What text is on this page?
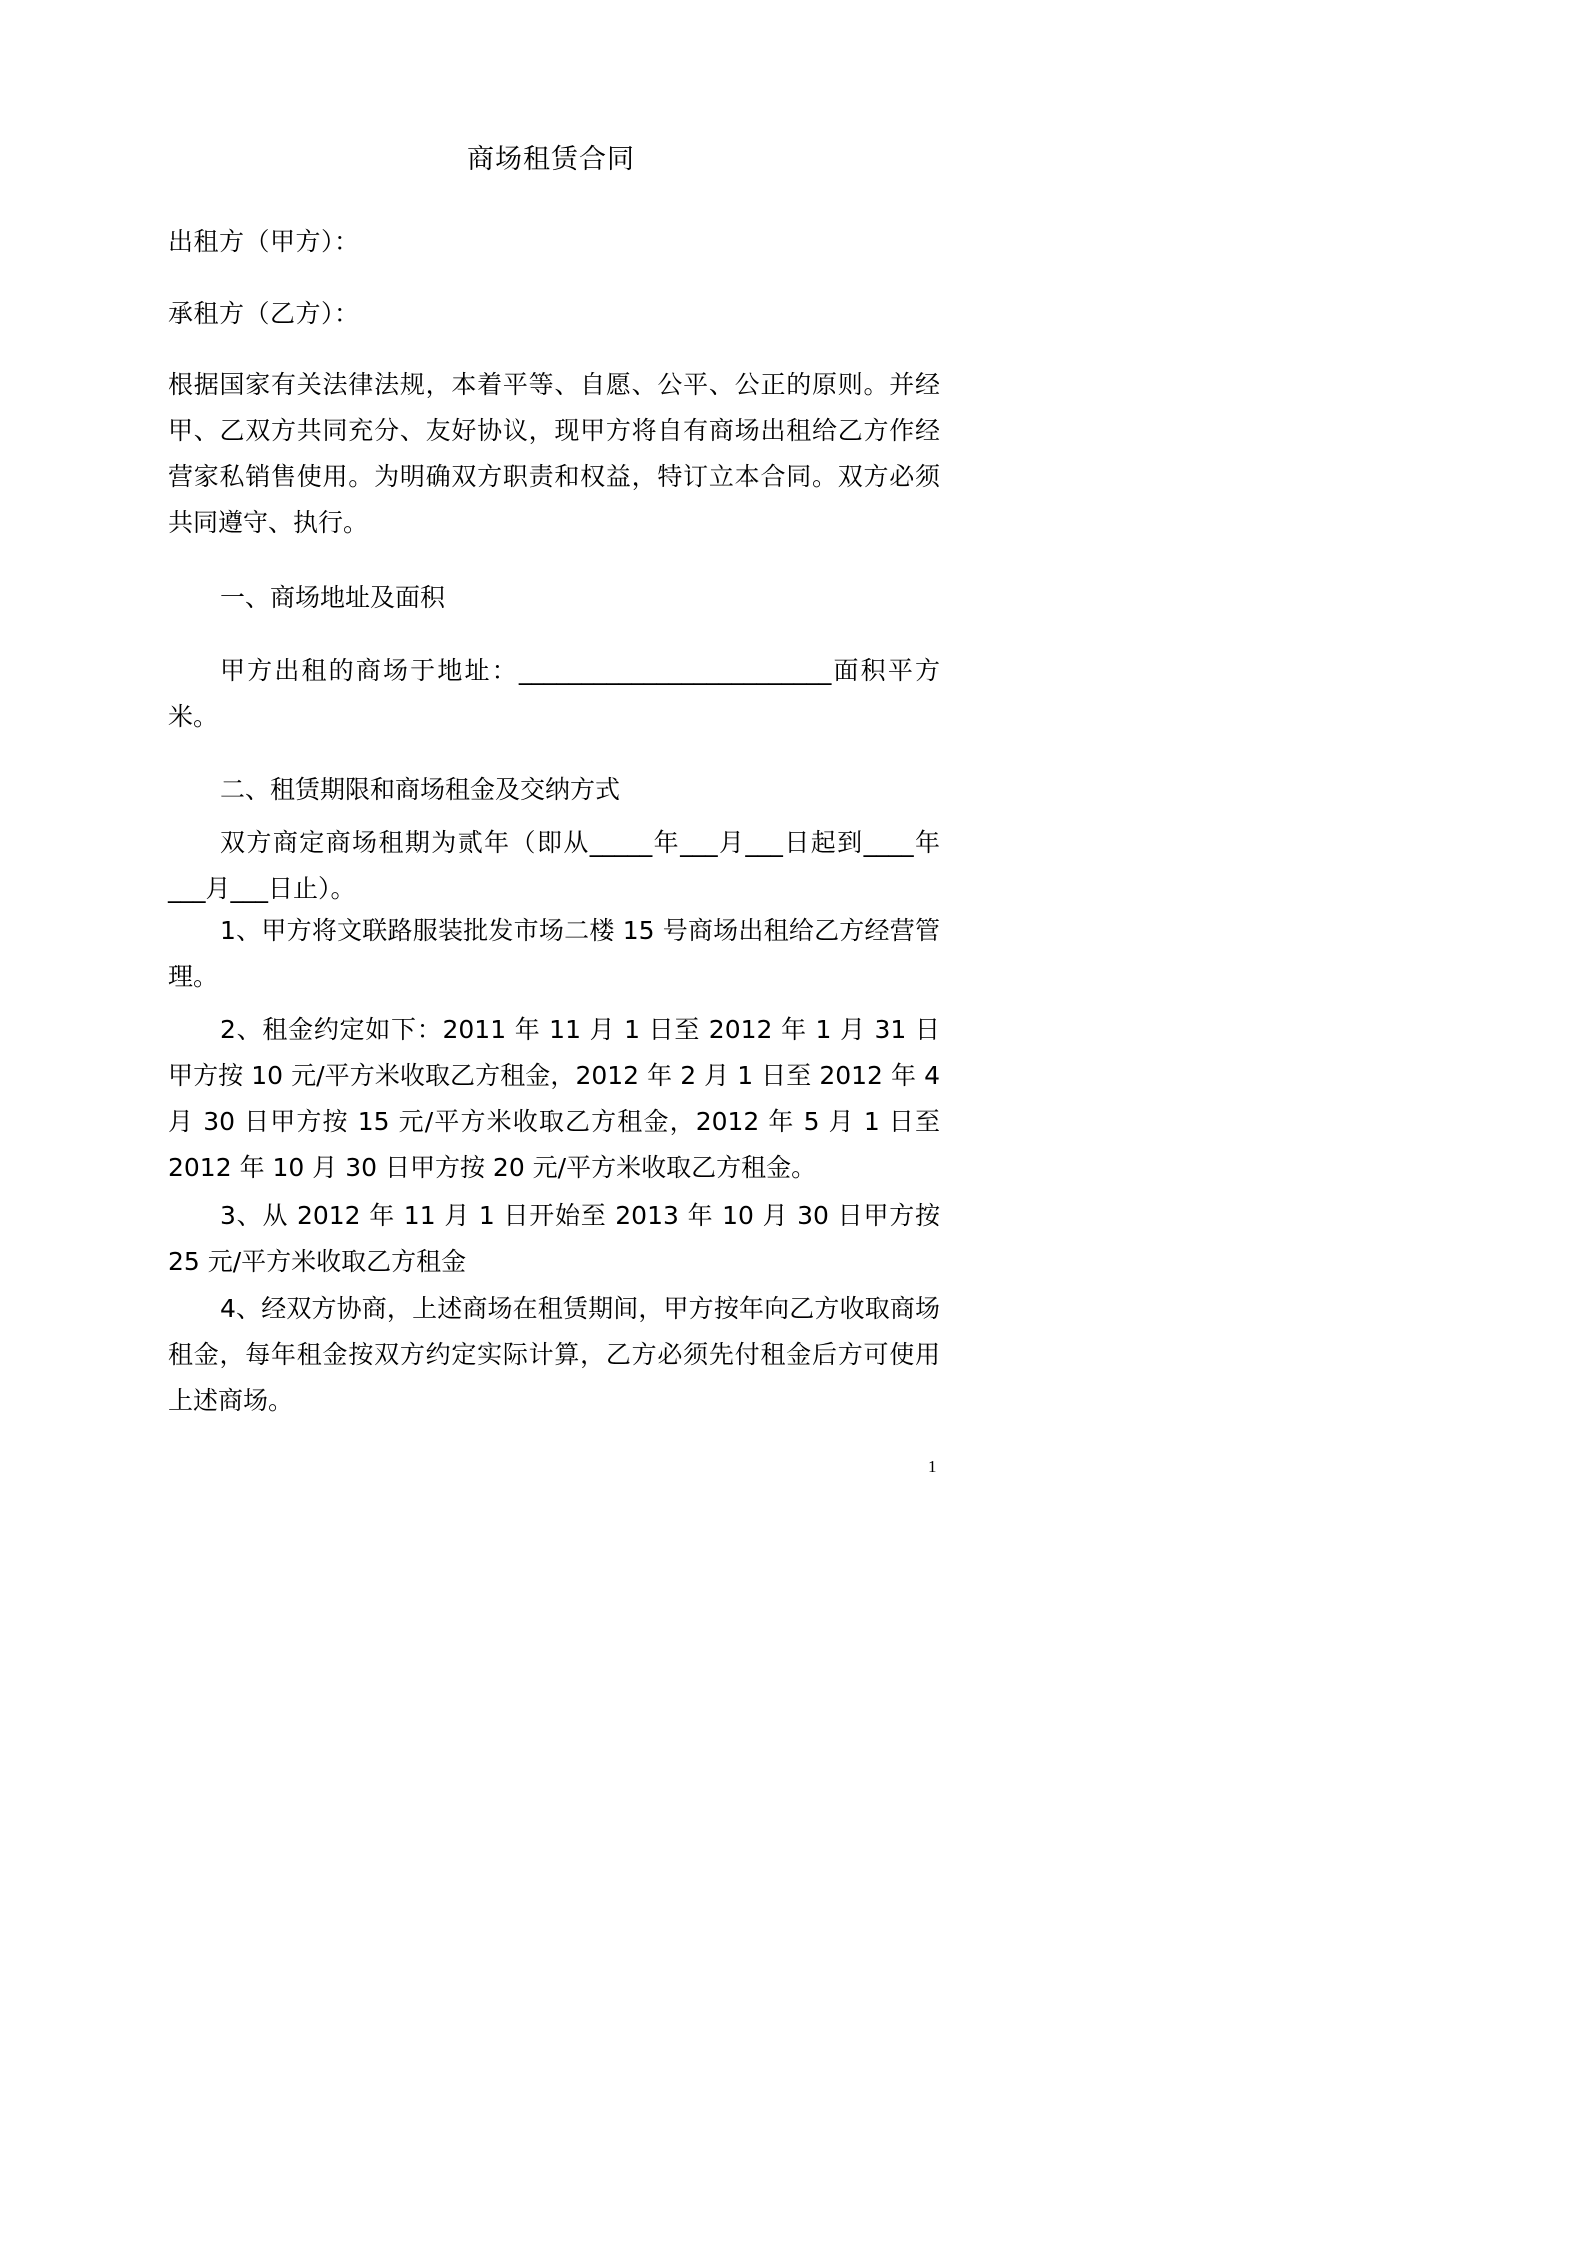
商场租赁合同
出租方（甲方）：
承租方（乙方）：
根据国家有关法律法规，本着平等、自愿、公平、公正的原则。并经甲、乙双方共同充分、友好协议，现甲方将自有商场出租给乙方作经营家私销售使用。为明确双方职责和权益，特订立本合同。双方必须共同遵守、执行。
一、商场地址及面积
甲方出租的商场于地址：_________________________面积平方米。
二、租赁期限和商场租金及交纳方式
双方商定商场租期为贰年（即从_____年___月___日起到____年___月___日止）。
1、甲方将文联路服装批发市场二楼 15 号商场出租给乙方经营管理。
2、租金约定如下：2011 年 11 月 1 日至 2012 年 1 月 31 日甲方按 10 元/平方米收取乙方租金，2012 年 2 月 1 日至 2012 年 4 月 30 日甲方按 15 元/平方米收取乙方租金，2012 年 5 月 1 日至 2012 年 10 月 30 日甲方按 20 元/平方米收取乙方租金。
3、从 2012 年 11 月 1 日开始至 2013 年 10 月 30 日甲方按 25 元/平方米收取乙方租金
4、经双方协商，上述商场在租赁期间，甲方按年向乙方收取商场租金，每年租金按双方约定实际计算，乙方必须先付租金后方可使用上述商场。
1
